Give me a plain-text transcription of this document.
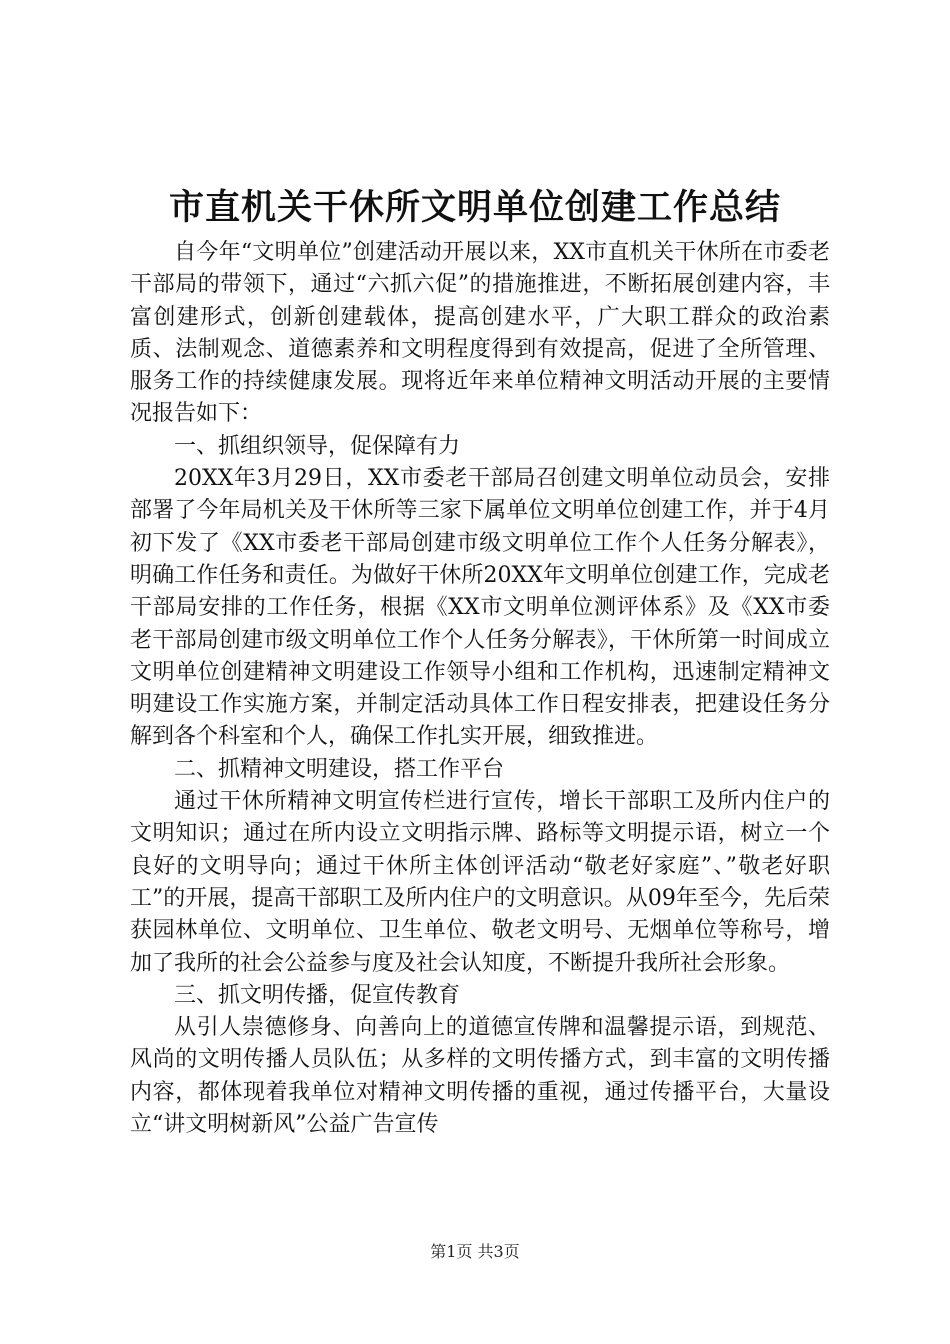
市直机关干休所文明单位创建工作总结

自今年“文明单位”创建活动开展以来，XX市直机关干休所在市委老干部局的带领下，通过“六抓六促”的措施推进，不断拓展创建内容，丰富创建形式，创新创建载体，提高创建水平，广大职工群众的政治素质、法制观念、道德素养和文明程度得到有效提高，促进了全所管理、服务工作的持续健康发展。现将近年来单位精神文明活动开展的主要情况报告如下：

一、抓组织领导，促保障有力

20XX年3月29日，XX市委老干部局召创建文明单位动员会，安排部署了今年局机关及干休所等三家下属单位文明单位创建工作，并于4月初下发了《XX市委老干部局创建市级文明单位工作个人任务分解表》，明确工作任务和责任。为做好干休所20XX年文明单位创建工作，完成老干部局安排的工作任务，根据《XX市文明单位测评体系》及《XX市委老干部局创建市级文明单位工作个人任务分解表》，干休所第一时间成立文明单位创建精神文明建设工作领导小组和工作机构，迅速制定精神文明建设工作实施方案，并制定活动具体工作日程安排表，把建设任务分解到各个科室和个人，确保工作扎实开展，细致推进。

二、抓精神文明建设，搭工作平台

通过干休所精神文明宣传栏进行宣传，增长干部职工及所内住户的文明知识；通过在所内设立文明指示牌、路标等文明提示语，树立一个良好的文明导向；通过干休所主体创评活动“敬老好家庭”、”敬老好职工”的开展，提高干部职工及所内住户的文明意识。从09年至今，先后荣获园林单位、文明单位、卫生单位、敬老文明号、无烟单位等称号，增加了我所的社会公益参与度及社会认知度，不断提升我所社会形象。

三、抓文明传播，促宣传教育

从引人崇德修身、向善向上的道德宣传牌和温馨提示语，到规范、风尚的文明传播人员队伍；从多样的文明传播方式，到丰富的文明传播内容，都体现着我单位对精神文明传播的重视，通过传播平台，大量设立“讲文明树新风”公益广告宣传

第1页 共3页
